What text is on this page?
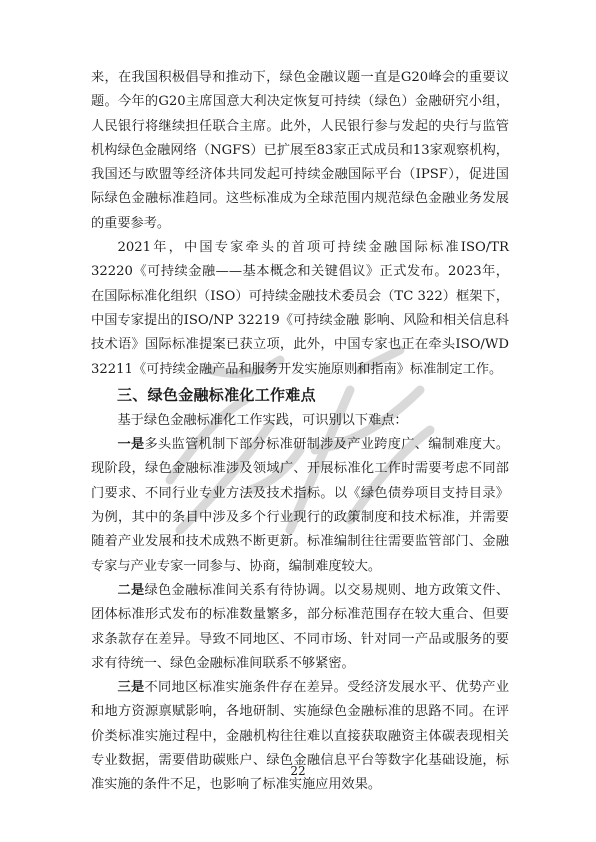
来，在我国积极倡导和推动下，绿色金融议题一直是G20峰会的重要议题。今年的G20主席国意大利决定恢复可持续（绿色）金融研究小组，人民银行将继续担任联合主席。此外，人民银行参与发起的央行与监管机构绿色金融网络（NGFS）已扩展至83家正式成员和13家观察机构，我国还与欧盟等经济体共同发起可持续金融国际平台（IPSF），促进国际绿色金融标准趋同。这些标准成为全球范围内规范绿色金融业务发展的重要参考。

2021年，中国专家牵头的首项可持续金融国际标准ISO/TR 32220《可持续金融——基本概念和关键倡议》正式发布。2023年，在国际标准化组织（ISO）可持续金融技术委员会（TC 322）框架下，中国专家提出的ISO/NP 32219《可持续金融 影响、风险和相关信息科技术语》国际标准提案已获立项，此外，中国专家也正在牵头ISO/WD 32211《可持续金融产品和服务开发实施原则和指南》标准制定工作。

三、绿色金融标准化工作难点

基于绿色金融标准化工作实践，可识别以下难点：

一是多头监管机制下部分标准研制涉及产业跨度广、编制难度大。现阶段，绿色金融标准涉及领域广、开展标准化工作时需要考虑不同部门要求、不同行业专业方法及技术指标。以《绿色债券项目支持目录》为例，其中的条目中涉及多个行业现行的政策制度和技术标准，并需要随着产业发展和技术成熟不断更新。标准编制往往需要监管部门、金融专家与产业专家一同参与、协商，编制难度较大。

二是绿色金融标准间关系有待协调。以交易规则、地方政策文件、团体标准形式发布的标准数量繁多，部分标准范围存在较大重合、但要求条款存在差异。导致不同地区、不同市场、针对同一产品或服务的要求有待统一、绿色金融标准间联系不够紧密。

三是不同地区标准实施条件存在差异。受经济发展水平、优势产业和地方资源禀赋影响，各地研制、实施绿色金融标准的思路不同。在评价类标准实施过程中，金融机构往往难以直接获取融资主体碳表现相关专业数据，需要借助碳账户、绿色金融信息平台等数字化基础设施，标准实施的条件不足，也影响了标准实施应用效果。

22
